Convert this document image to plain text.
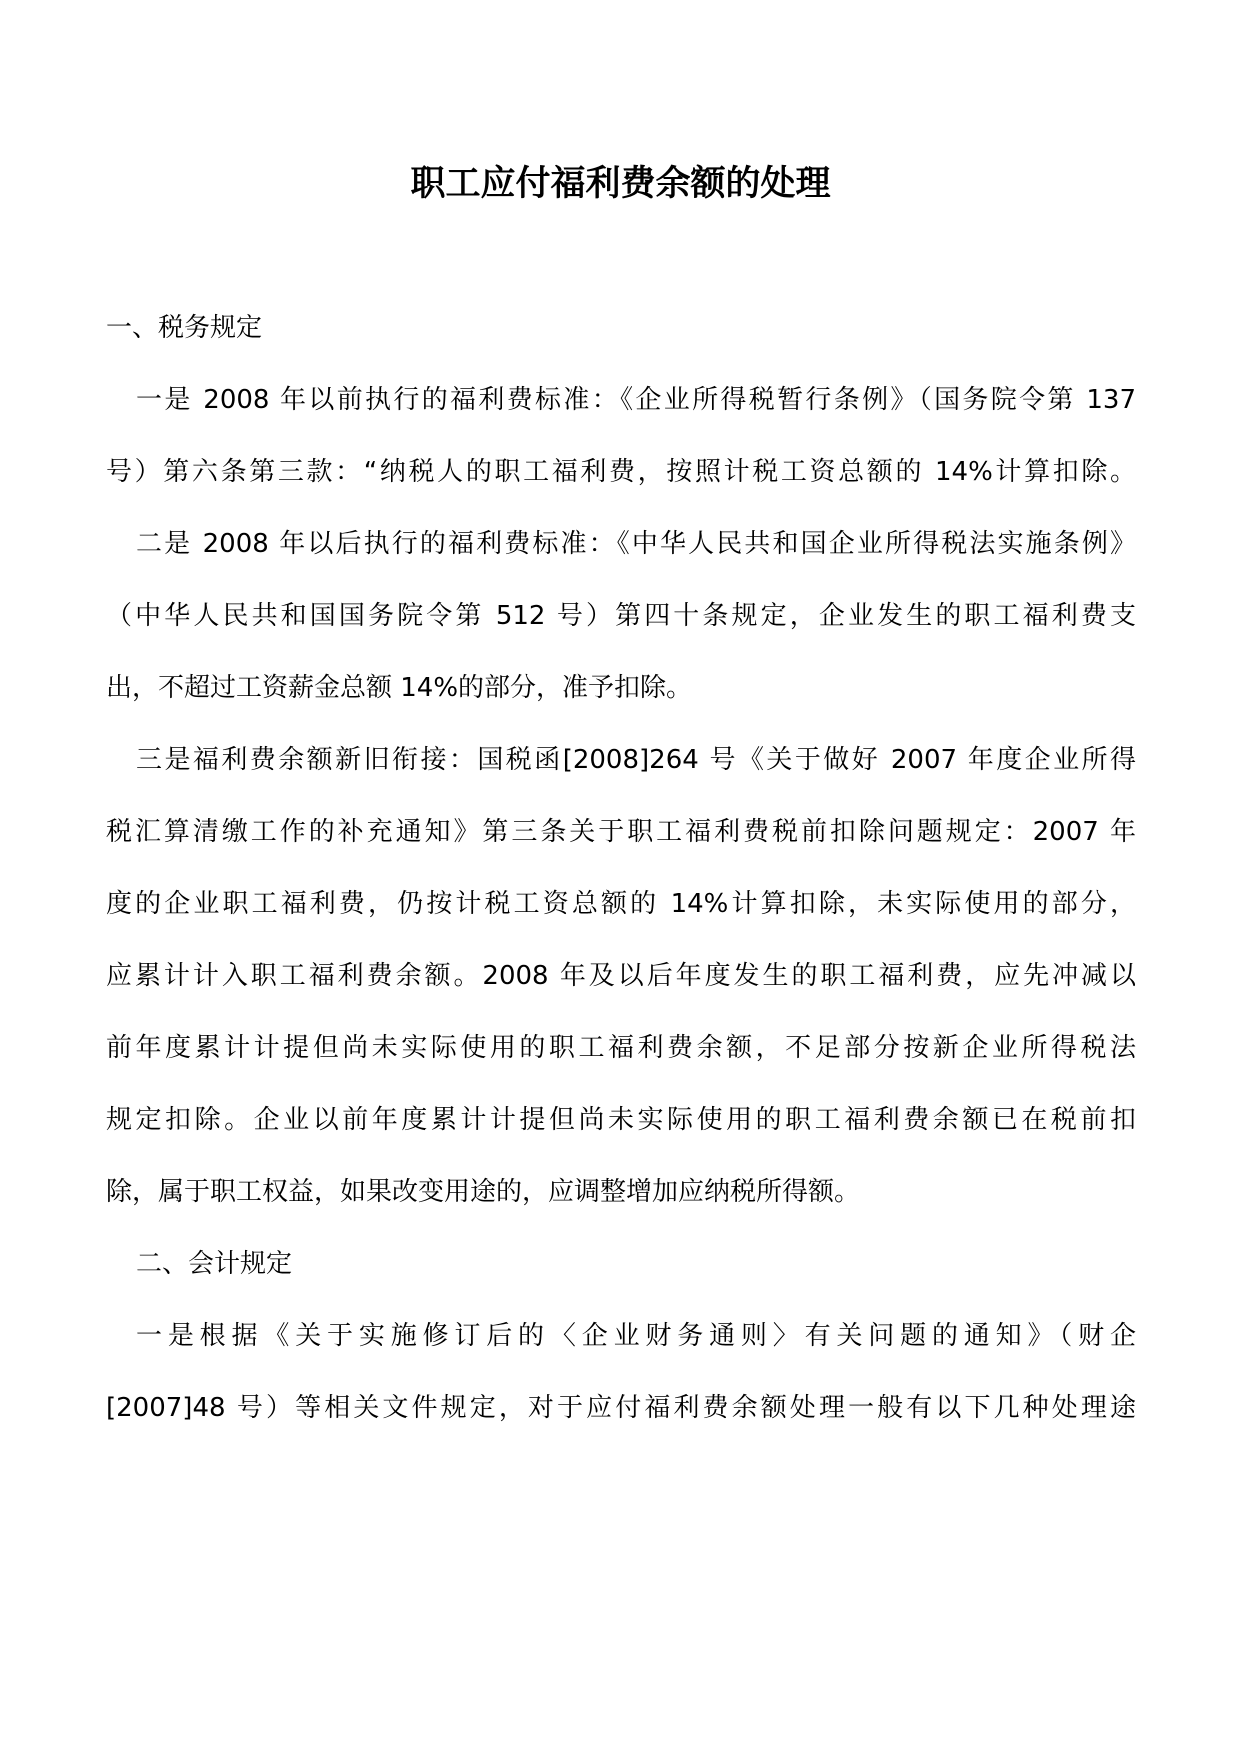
职工应付福利费余额的处理
一、税务规定
一是 2008 年以前执行的福利费标准：《企业所得税暂行条例》（国务院令第 137
号）第六条第三款：“纳税人的职工福利费，按照计税工资总额的 14%计算扣除。
二是 2008 年以后执行的福利费标准：《中华人民共和国企业所得税法实施条例》
（中华人民共和国国务院令第 512 号）第四十条规定，企业发生的职工福利费支
出，不超过工资薪金总额 14%的部分，准予扣除。
三是福利费余额新旧衔接：国税函[2008]264 号《关于做好 2007 年度企业所得
税汇算清缴工作的补充通知》第三条关于职工福利费税前扣除问题规定：2007 年
度的企业职工福利费，仍按计税工资总额的 14%计算扣除，未实际使用的部分，
应累计计入职工福利费余额。2008 年及以后年度发生的职工福利费，应先冲减以
前年度累计计提但尚未实际使用的职工福利费余额，不足部分按新企业所得税法
规定扣除。企业以前年度累计计提但尚未实际使用的职工福利费余额已在税前扣
除，属于职工权益，如果改变用途的，应调整增加应纳税所得额。
二、会计规定
一是根据《关于实施修订后的〈企业财务通则〉有关问题的通知》（财企
[2007]48 号）等相关文件规定，对于应付福利费余额处理一般有以下几种处理途
